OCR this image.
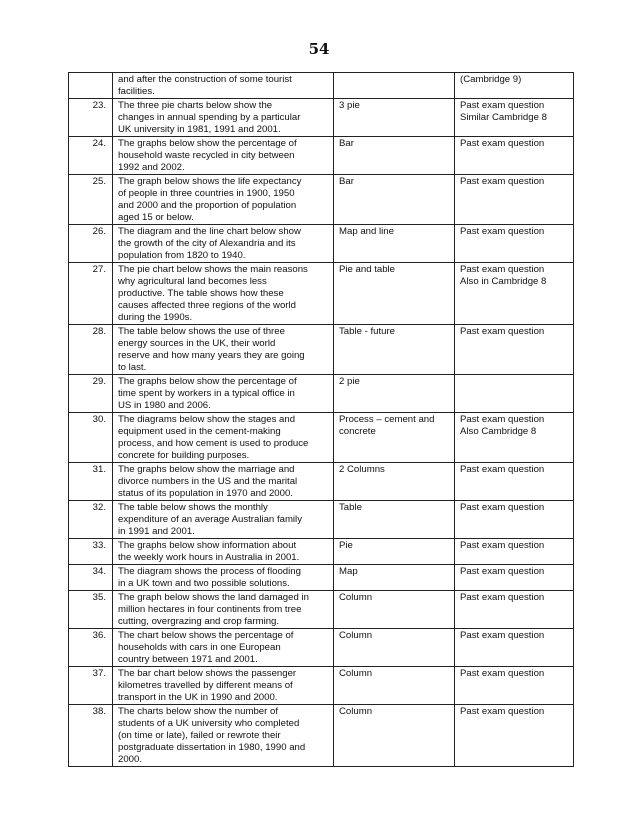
54

	and after the construction of some tourist
facilities.		(Cambridge 9)

23.	The three pie charts below show the
changes in annual spending by a particular
UK university in 1981, 1991 and 2001.	3 pie	Past exam question
Similar Cambridge 8

24.	The graphs below show the percentage of
household waste recycled in city between
1992 and 2002.	Bar	Past exam question

25.	The graph below shows the life expectancy
of people in three countries in 1900, 1950
and 2000 and the proportion of population
aged 15 or below.	Bar	Past exam question

26.	The diagram and the line chart below show
the growth of the city of Alexandria and its
population from 1820 to 1940.	Map and line	Past exam question

27.	The pie chart below shows the main reasons
why agricultural land becomes less
productive. The table shows how these
causes affected three regions of the world
during the 1990s.	Pie and table	Past exam question
Also in Cambridge 8

28.	The table below shows the use of three
energy sources in the UK, their world
reserve and how many years they are going
to last.	Table - future	Past exam question

29.	The graphs below show the percentage of
time spent by workers in a typical office in
US in 1980 and 2006.	2 pie	

30.	The diagrams below show the stages and
equipment used in the cement-making
process, and how cement is used to produce
concrete for building purposes.	Process – cement and
concrete	Past exam question
Also Cambridge 8

31.	The graphs below show the marriage and
divorce numbers in the US and the marital
status of its population in 1970 and 2000.	2 Columns	Past exam question

32.	The table below shows the monthly
expenditure of an average Australian family
in 1991 and 2001.	Table	Past exam question

33.	The graphs below show information about
the weekly work hours in Australia in 2001.	Pie	Past exam question

34.	The diagram shows the process of flooding
in a UK town and two possible solutions.	Map	Past exam question

35.	The graph below shows the land damaged in
million hectares in four continents from tree
cutting, overgrazing and crop farming.	Column	Past exam question

36.	The chart below shows the percentage of
households with cars in one European
country between 1971 and 2001.	Column	Past exam question

37.	The bar chart below shows the passenger
kilometres travelled by different means of
transport in the UK in 1990 and 2000.	Column	Past exam question

38.	The charts below show the number of
students of a UK university who completed
(on time or late), failed or rewrote their
postgraduate dissertation in 1980, 1990 and
2000.	Column	Past exam question
